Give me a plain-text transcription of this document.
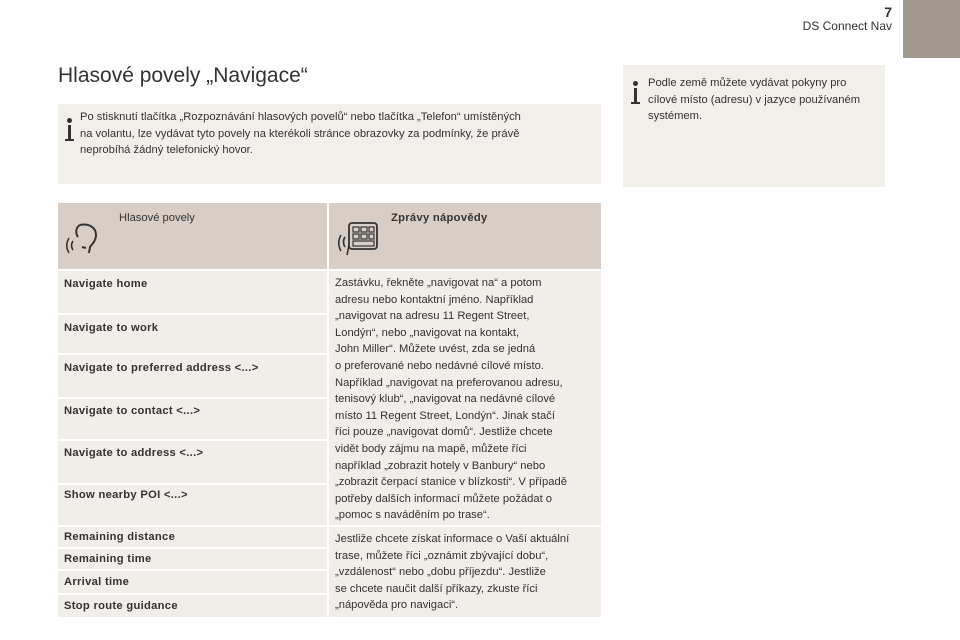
7
DS Connect Nav
Hlasové povely „Navigace“
Po stisknutí tlačítka „Rozpoznávání hlasových povelů“ nebo tlačítka „Telefon“ umístěných
na volantu, lze vydávat tyto povely na kterékoli stránce obrazovky za podmínky, že právě
neprobíhá žádný telefonický hovor.
Podle země můžete vydávat pokyny pro
cílové místo (adresu) v jazyce používaném
systémem.
Hlasové povely	Zprávy nápovědy
Navigate home
Navigate to work
Navigate to preferred address <...>
Navigate to contact <...>
Navigate to address <...>
Show nearby POI <...>
Remaining distance
Remaining time
Arrival time
Stop route guidance
Zastávku, řekněte „navigovat na“ a potom
adresu nebo kontaktní jméno. Například
„navigovat na adresu 11 Regent Street,
Londýn“, nebo „navigovat na kontakt,
John Miller“. Můžete uvést, zda se jedná
o preferované nebo nedávné cílové místo.
Například „navigovat na preferovanou adresu,
tenisový klub“, „navigovat na nedávné cílové
místo 11 Regent Street, Londýn“. Jinak stačí
říci pouze „navigovat domů“. Jestliže chcete
vidět body zájmu na mapě, můžete říci
například „zobrazit hotely v Banbury“ nebo
„zobrazit čerpací stanice v blízkosti“. V případě
potřeby dalších informací můžete požádat o
„pomoc s naváděním po trase“.
Jestliže chcete získat informace o Vaší aktuální
trase, můžete říci „oznámit zbývající dobu“,
„vzdálenost“ nebo „dobu příjezdu“. Jestliže
se chcete naučit další příkazy, zkuste říci
„nápověda pro navigaci“.
